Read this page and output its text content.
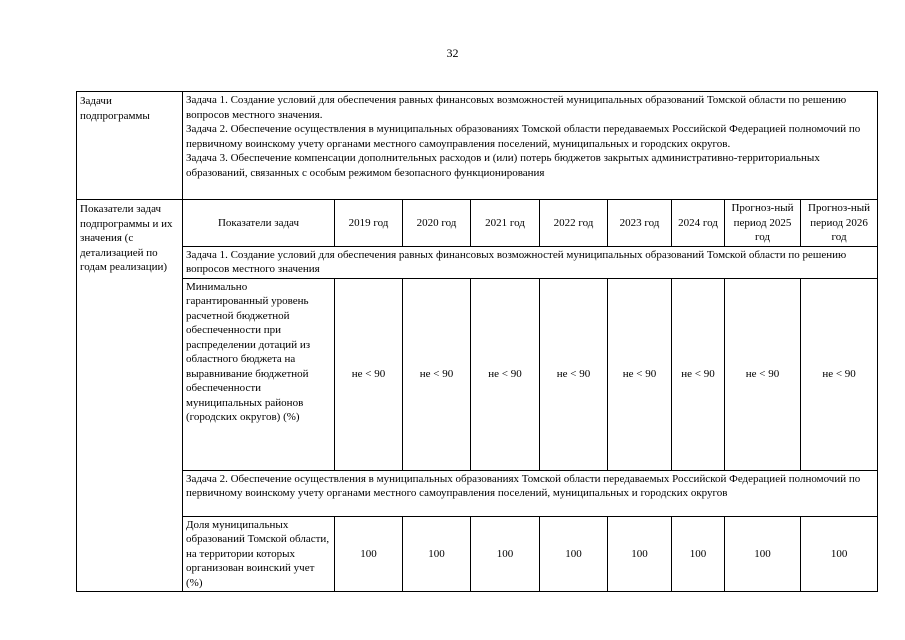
32
Задачи подпрограммы	Задача 1. Создание условий для обеспечения равных финансовых возможностей муниципальных образований Томской области по решению вопросов местного значения.
Задача 2. Обеспечение осуществления в муниципальных образованиях Томской области передаваемых Российской Федерацией полномочий по первичному воинскому учету органами местного самоуправления поселений, муниципальных и городских округов.
Задача 3. Обеспечение компенсации дополнительных расходов и (или) потерь бюджетов закрытых административно-территориальных образований, связанных с особым режимом безопасного функционирования								

Показатели задач подпрограммы и их значения (с детализацией по годам реализации)	Показатели задач	2019 год	2020 год	2021 год	2022 год	2023 год	2024 год	Прогноз-ный период 2025 год	Прогноз-ный период 2026 год
	Задача 1. Создание условий для обеспечения равных финансовых возможностей муниципальных образований Томской области по решению вопросов местного значения								
	Минимально гарантированный уровень расчетной бюджетной обеспеченности при распределении дотаций из областного бюджета на выравнивание бюджетной обеспеченности муниципальных районов (городских округов) (%)	не < 90	не < 90	не < 90	не < 90	не < 90	не < 90	не < 90	не < 90
	Задача 2. Обеспечение осуществления в муниципальных образованиях Томской области передаваемых Российской Федерацией полномочий по первичному воинскому учету органами местного самоуправления поселений, муниципальных и городских округов								
	Доля муниципальных образований Томской области, на территории которых организован воинский учет (%)	100	100	100	100	100	100	100	100
